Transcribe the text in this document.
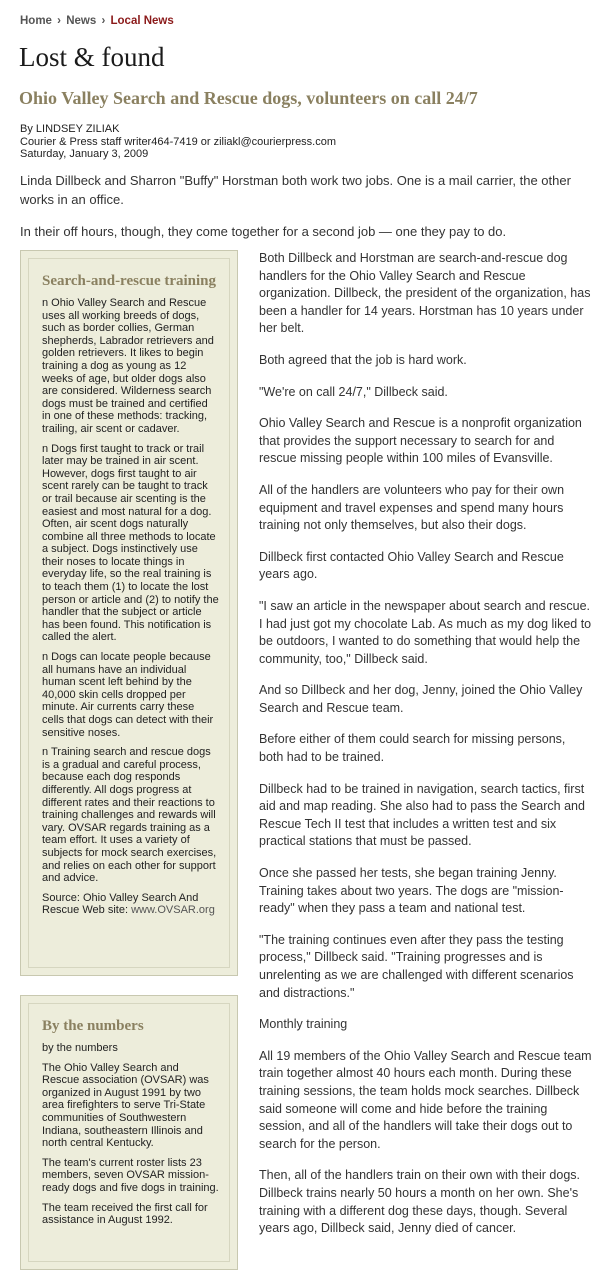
Home › News › Local News
Lost & found
Ohio Valley Search and Rescue dogs, volunteers on call 24/7
By LINDSEY ZILIAK
Courier & Press staff writer464-7419 or ziliakl@courierpress.com
Saturday, January 3, 2009

Linda Dillbeck and Sharron "Buffy" Horstman both work two jobs. One is a mail carrier, the other works in an office.

In their off hours, though, they come together for a second job — one they pay to do.

Search-and-rescue training

n Ohio Valley Search and Rescue uses all working breeds of dogs, such as border collies, German shepherds, Labrador retrievers and golden retrievers. It likes to begin training a dog as young as 12 weeks of age, but older dogs also are considered. Wilderness search dogs must be trained and certified in one of these methods: tracking, trailing, air scent or cadaver.

n Dogs first taught to track or trail later may be trained in air scent. However, dogs first taught to air scent rarely can be taught to track or trail because air scenting is the easiest and most natural for a dog. Often, air scent dogs naturally combine all three methods to locate a subject. Dogs instinctively use their noses to locate things in everyday life, so the real training is to teach them (1) to locate the lost person or article and (2) to notify the handler that the subject or article has been found. This notification is called the alert.

n Dogs can locate people because all humans have an individual human scent left behind by the 40,000 skin cells dropped per minute. Air currents carry these cells that dogs can detect with their sensitive noses.

n Training search and rescue dogs is a gradual and careful process, because each dog responds differently. All dogs progress at different rates and their reactions to training challenges and rewards will vary. OVSAR regards training as a team effort. It uses a variety of subjects for mock search exercises, and relies on each other for support and advice.

Source: Ohio Valley Search And Rescue Web site: www.OVSAR.org

By the numbers

by the numbers

The Ohio Valley Search and Rescue association (OVSAR) was organized in August 1991 by two area firefighters to serve Tri-State communities of Southwestern Indiana, southeastern Illinois and north central Kentucky.

The team's current roster lists 23 members, seven OVSAR mission-ready dogs and five dogs in training.

The team received the first call for assistance in August 1992.

Both Dillbeck and Horstman are search-and-rescue dog handlers for the Ohio Valley Search and Rescue organization. Dillbeck, the president of the organization, has been a handler for 14 years. Horstman has 10 years under her belt.

Both agreed that the job is hard work.

"We're on call 24/7," Dillbeck said.

Ohio Valley Search and Rescue is a nonprofit organization that provides the support necessary to search for and rescue missing people within 100 miles of Evansville.

All of the handlers are volunteers who pay for their own equipment and travel expenses and spend many hours training not only themselves, but also their dogs.

Dillbeck first contacted Ohio Valley Search and Rescue years ago.

"I saw an article in the newspaper about search and rescue. I had just got my chocolate Lab. As much as my dog liked to be outdoors, I wanted to do something that would help the community, too," Dillbeck said.

And so Dillbeck and her dog, Jenny, joined the Ohio Valley Search and Rescue team.

Before either of them could search for missing persons, both had to be trained.

Dillbeck had to be trained in navigation, search tactics, first aid and map reading. She also had to pass the Search and Rescue Tech II test that includes a written test and six practical stations that must be passed.

Once she passed her tests, she began training Jenny. Training takes about two years. The dogs are "mission-ready" when they pass a team and national test.

"The training continues even after they pass the testing process," Dillbeck said. "Training progresses and is unrelenting as we are challenged with different scenarios and distractions."

Monthly training

All 19 members of the Ohio Valley Search and Rescue team train together almost 40 hours each month. During these training sessions, the team holds mock searches. Dillbeck said someone will come and hide before the training session, and all of the handlers will take their dogs out to search for the person.

Then, all of the handlers train on their own with their dogs. Dillbeck trains nearly 50 hours a month on her own. She's training with a different dog these days, though. Several years ago, Dillbeck said, Jenny died of cancer.
